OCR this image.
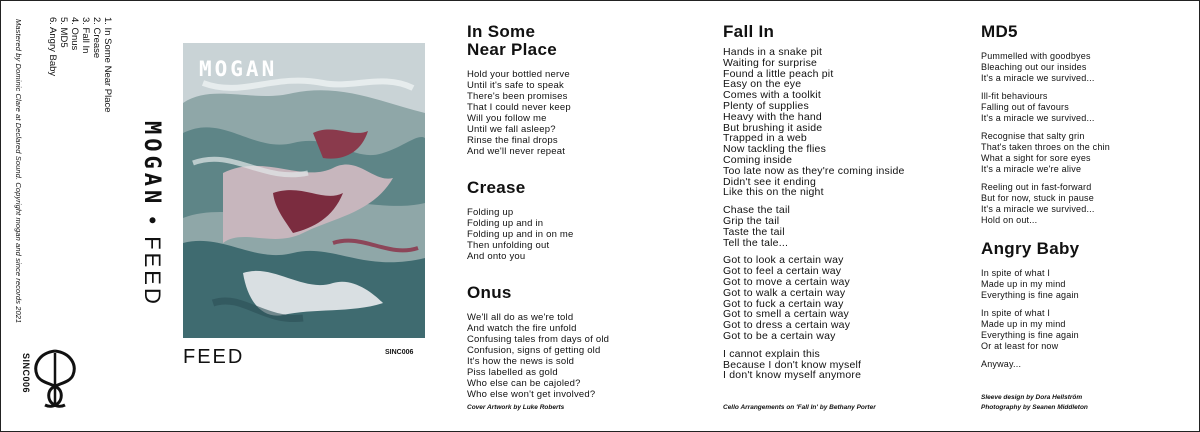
1. In Some Near Place
2. Crease
3. Fall In
4. Onus
5. MD5
6. Angry Baby
Mastered by Dominic Clare at Declared Sound. Copyright mogan and since records 2021	MOGAN • FEED
SINC006
MOGAN
FEED	SINC006
In Some
Near Place
Hold your bottled nerve
Until it's safe to speak
There's been promises
That I could never keep
Will you follow me
Until we fall asleep?
Rinse the final drops
And we'll never repeat
Crease
Folding up
Folding up and in
Folding up and in on me
Then unfolding out
And onto you
Onus
We'll all do as we're told
And watch the fire unfold
Confusing tales from days of old
Confusion, signs of getting old
It's how the news is sold
Piss labelled as gold
Who else can be cajoled?
Who else won't get involved?
Fall In
Hands in a snake pit
Waiting for surprise
Found a little peach pit
Easy on the eye
Comes with a toolkit
Plenty of supplies
Heavy with the hand
But brushing it aside
Trapped in a web
Now tackling the flies
Coming inside
Too late now as they're coming inside
Didn't see it ending
Like this on the night
Chase the tail
Grip the tail
Taste the tail
Tell the tale...
Got to look a certain way
Got to feel a certain way
Got to move a certain way
Got to walk a certain way
Got to fuck a certain way
Got to smell a certain way
Got to dress a certain way
Got to be a certain way
I cannot explain this
Because I don't know myself
I don't know myself anymore
MD5
Pummelled with goodbyes
Bleaching out our insides
It's a miracle we survived...
Ill-fit behaviours
Falling out of favours
It's a miracle we survived...
Recognise that salty grin
That's taken throes on the chin
What a sight for sore eyes
It's a miracle we're alive
Reeling out in fast-forward
But for now, stuck in pause
It's a miracle we survived...
Hold on out...
Angry Baby
In spite of what I
Made up in my mind
Everything is fine again
In spite of what I
Made up in my mind
Everything is fine again
Or at least for now
Anyway...
Cover Artwork by Luke Roberts	Cello Arrangements on 'Fall In' by Bethany Porter
Sleeve design by Dora Hellström
Photography by Seanen Middleton
